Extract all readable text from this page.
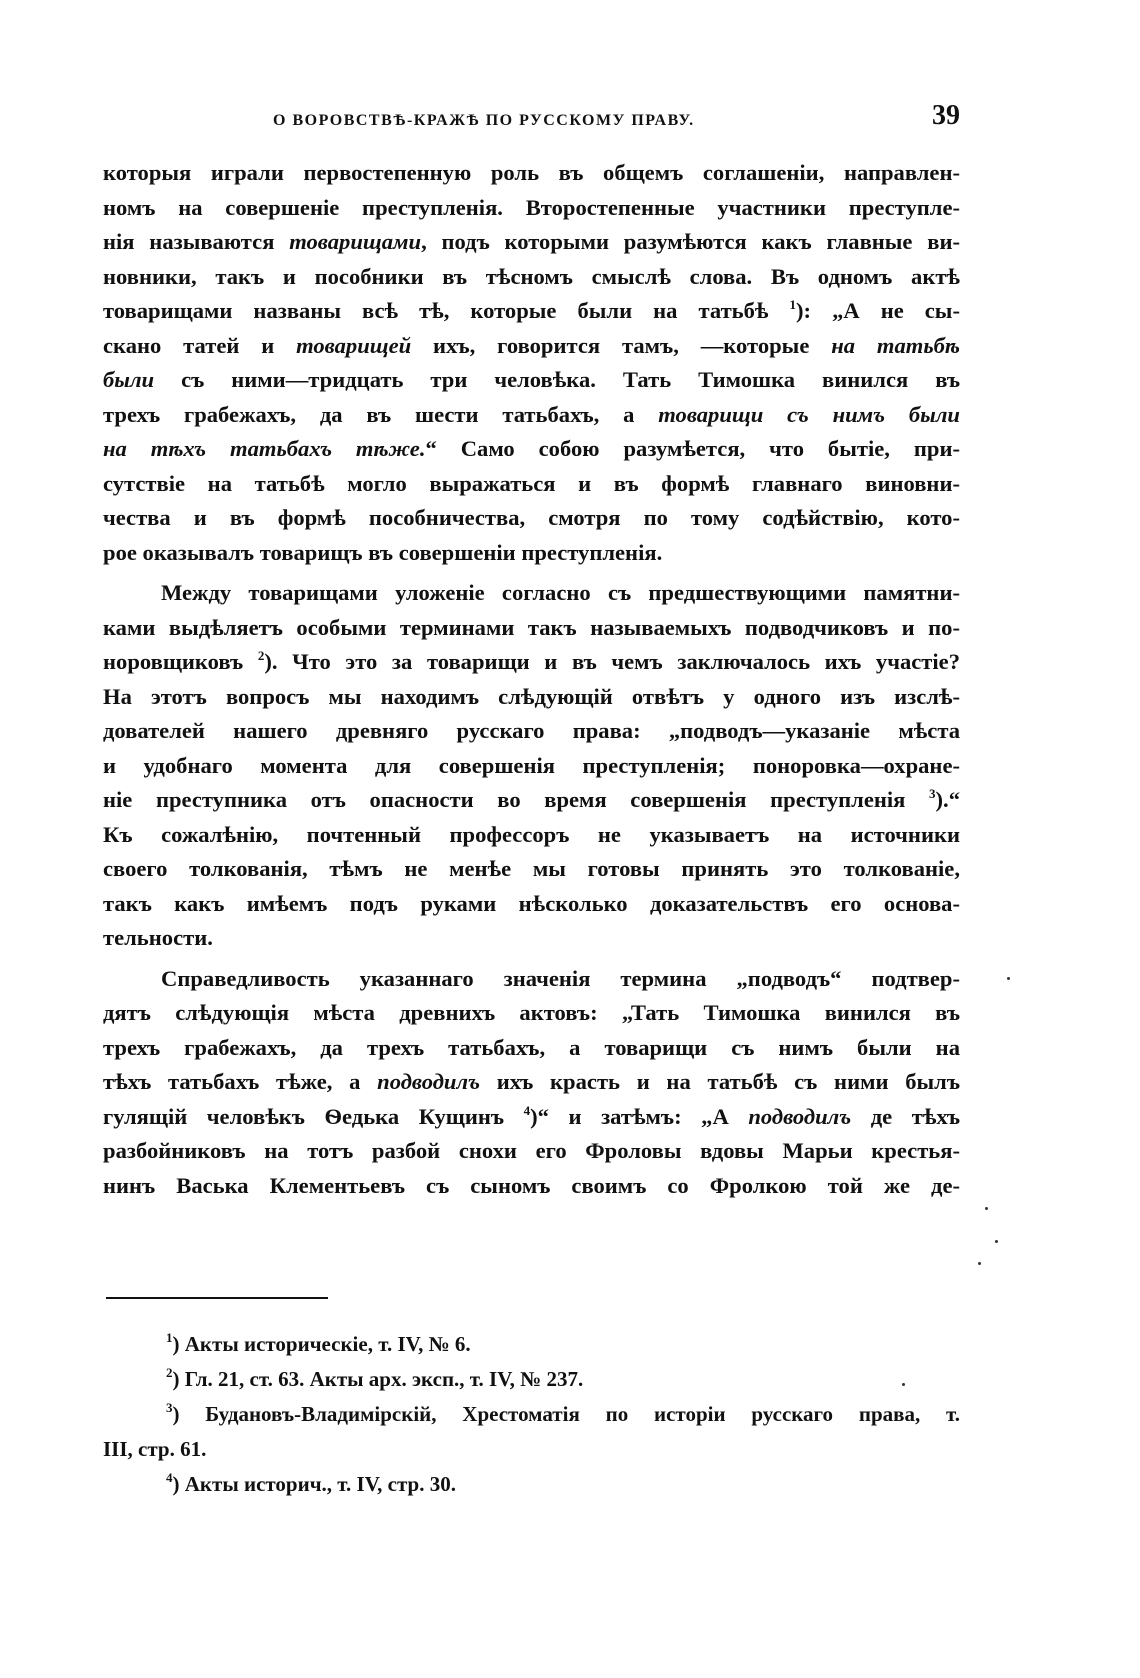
О ВОРОВСТВѢ-КРАЖѢ ПО РУССКОМУ ПРАВУ.	39
которыя играли первостепенную роль въ общемъ соглашеніи, направлен-
номъ на совершеніе преступленія. Второстепенные участники преступле-
нія называются товарищами, подъ которыми разумѣются какъ главные ви-
новники, такъ и пособники въ тѣсномъ смыслѣ слова. Въ одномъ актѣ
товарищами названы всѣ тѣ, которые были на татьбѣ $^1$): „А не сы-
скано татей и товарищей ихъ, говорится тамъ, —которые на татьбѣ
были съ ними—тридцать три человѣка. Тать Тимошка винился въ
трехъ грабежахъ, да въ шести татьбахъ, а товарищи съ нимъ были
на тѣхъ татьбахъ тѣже.“ Само собою разумѣется, что бытіе, при-
сутствіе на татьбѣ могло выражаться и въ формѣ главнаго виновни-
чества и въ формѣ пособничества, смотря по тому содѣйствію, кото-
рое оказывалъ товарищъ въ совершеніи преступленія.
Между товарищами уложеніе согласно съ предшествующими памятни-
ками выдѣляетъ особыми терминами такъ называемыхъ подводчиковъ и по-
норовщиковъ $^2$). Что это за товарищи и въ чемъ заключалось ихъ участіе?
На этотъ вопросъ мы находимъ слѣдующій отвѣтъ у одного изъ изслѣ-
дователей нашего древняго русскаго права: „подводъ—указаніе мѣста
и удобнаго момента для совершенія преступленія; поноровка—охране-
ніе преступника отъ опасности во время совершенія преступленія $^3$).“
Къ сожалѣнію, почтенный профессоръ не указываетъ на источники
своего толкованія, тѣмъ не менѣе мы готовы принять это толкованіе,
такъ какъ имѣемъ подъ руками нѣсколько доказательствъ его основа-
тельности.
Справедливость указаннаго значенія термина „подводъ“ подтвер-
дятъ слѣдующія мѣста древнихъ актовъ: „Тать Тимошка винился въ
трехъ грабежахъ, да трехъ татьбахъ, а товарищи съ нимъ были на
тѣхъ татьбахъ тѣже, а подводилъ ихъ красть и на татьбѣ съ ними былъ
гулящій человѣкъ Ѳедька Кущинъ $^4$)“ и затѣмъ: „А подводилъ де тѣхъ
разбойниковъ на тотъ разбой снохи его Фроловы вдовы Марьи крестья-
нинъ Васька Клементьевъ съ сыномъ своимъ со Фролкою той же де-
$^1$) Акты историческіе, т. IV, № 6.
$^2$) Гл. 21, ст. 63. Акты арх. эксп., т. IV, № 237.
$^3$) Будановъ-Владимірскій, Хрестоматія по исторіи русскаго права, т.
III, стр. 61.
$^4$) Акты историч., т. IV, стр. 30.
